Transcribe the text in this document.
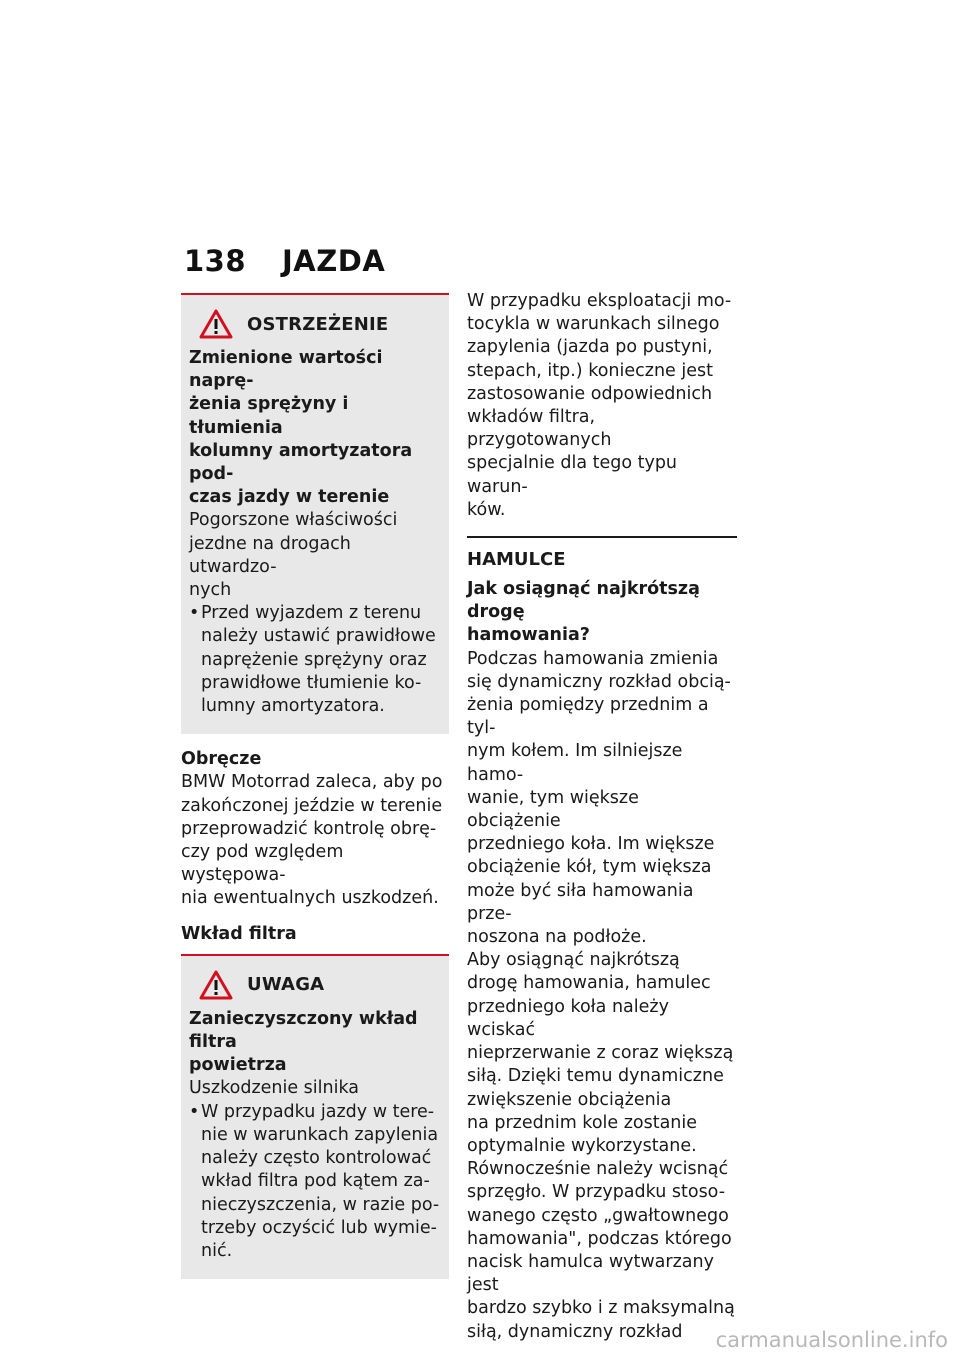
138 JAZDA
OSTRZEŻENIE

Zmienione wartości naprę-

żenia sprężyny i tłumienia

kolumny amortyzatora pod-

czas jazdy w terenie

Pogorszone właściwości

jezdne na drogach utwardzo-

nych

• Przed wyjazdem z terenu

należy ustawić prawidłowe

naprężenie sprężyny oraz

prawidłowe tłumienie ko-

lumny amortyzatora.

Obręcze

BMW Motorrad zaleca, aby po

zakończonej jeździe w terenie

przeprowadzić kontrolę obrę-

czy pod względem występowa-

nia ewentualnych uszkodzeń.

Wkład filtra

UWAGA

Zanieczyszczony wkład filtra

powietrza

Uszkodzenie silnika

• W przypadku jazdy w tere-

nie w warunkach zapylenia

należy często kontrolować

wkład filtra pod kątem za-

nieczyszczenia, w razie po-

trzeby oczyścić lub wymie-

nić.

W przypadku eksploatacji mo-

tocykla w warunkach silnego

zapylenia (jazda po pustyni,

stepach, itp.) konieczne jest

zastosowanie odpowiednich

wkładów filtra, przygotowanych

specjalnie dla tego typu warun-

ków.

HAMULCE

Jak osiągnąć najkrótszą drogę

hamowania?

Podczas hamowania zmienia

się dynamiczny rozkład obcią-

żenia pomiędzy przednim a tyl-

nym kołem. Im silniejsze hamo-

wanie, tym większe obciążenie

przedniego koła. Im większe

obciążenie kół, tym większa

może być siła hamowania prze-

noszona na podłoże.

Aby osiągnąć najkrótszą

drogę hamowania, hamulec

przedniego koła należy wciskać

nieprzerwanie z coraz większą

siłą. Dzięki temu dynamiczne

zwiększenie obciążenia

na przednim kole zostanie

optymalnie wykorzystane.

Równocześnie należy wcisnąć

sprzęgło. W przypadku stoso-

wanego często „gwałtownego

hamowania", podczas którego

nacisk hamulca wytwarzany jest

bardzo szybko i z maksymalną

siłą, dynamiczny rozkład	carmanualsonline.info
